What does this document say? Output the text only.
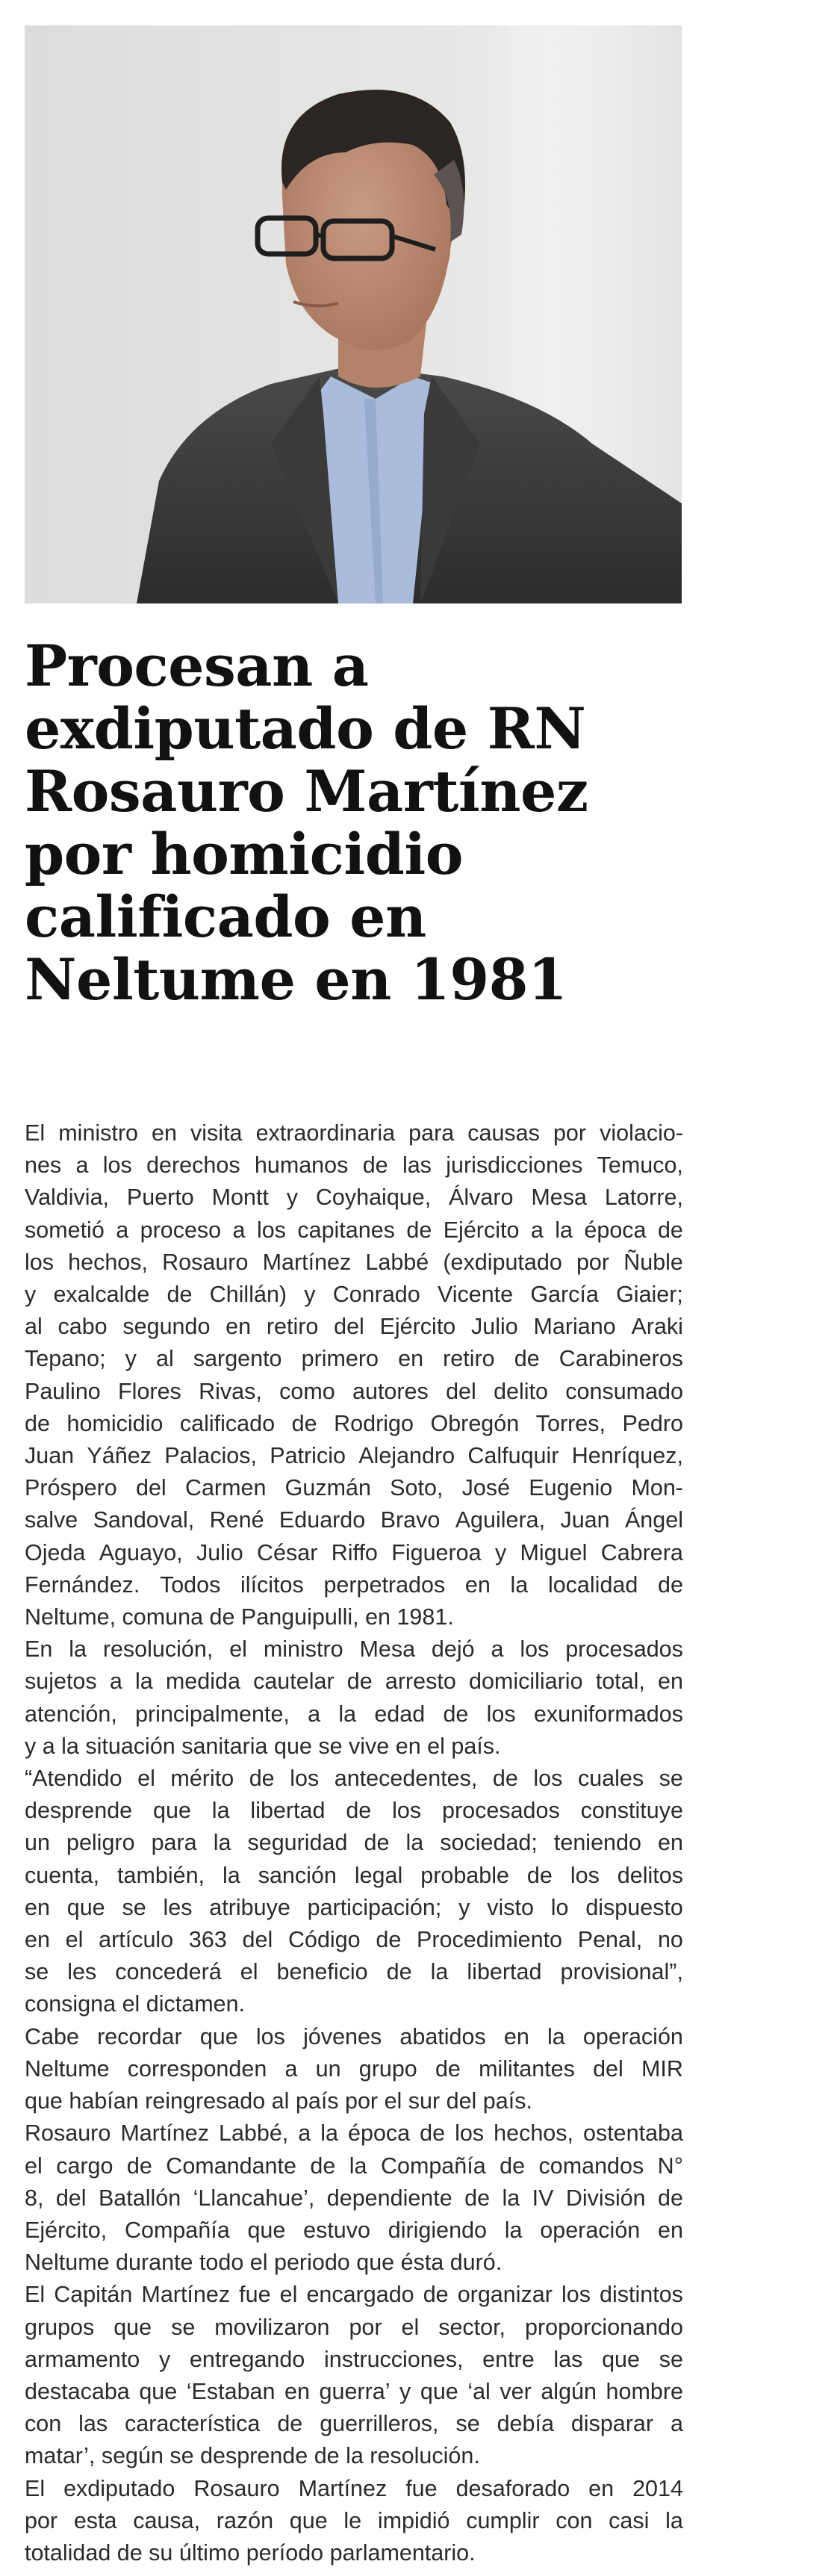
Procesan a
exdiputado de RN
Rosauro Martínez
por homicidio
calificado en
Neltume en 1981
El ministro en visita extraordinaria para causas por violacio-
nes a los derechos humanos de las jurisdicciones Temuco,
Valdivia, Puerto Montt y Coyhaique, Álvaro Mesa Latorre,
sometió a proceso a los capitanes de Ejército a la época de
los hechos, Rosauro Martínez Labbé (exdiputado por Ñuble
y exalcalde de Chillán) y Conrado Vicente García Giaier;
al cabo segundo en retiro del Ejército Julio Mariano Araki
Tepano; y al sargento primero en retiro de Carabineros
Paulino Flores Rivas, como autores del delito consumado
de homicidio calificado de Rodrigo Obregón Torres, Pedro
Juan Yáñez Palacios, Patricio Alejandro Calfuquir Henríquez,
Próspero del Carmen Guzmán Soto, José Eugenio Mon-
salve Sandoval, René Eduardo Bravo Aguilera, Juan Ángel
Ojeda Aguayo, Julio César Riffo Figueroa y Miguel Cabrera
Fernández. Todos ilícitos perpetrados en la localidad de
Neltume, comuna de Panguipulli, en 1981.
En la resolución, el ministro Mesa dejó a los procesados
sujetos a la medida cautelar de arresto domiciliario total, en
atención, principalmente, a la edad de los exuniformados
y a la situación sanitaria que se vive en el país.
“Atendido el mérito de los antecedentes, de los cuales se
desprende que la libertad de los procesados constituye
un peligro para la seguridad de la sociedad; teniendo en
cuenta, también, la sanción legal probable de los delitos
en que se les atribuye participación; y visto lo dispuesto
en el artículo 363 del Código de Procedimiento Penal, no
se les concederá el beneficio de la libertad provisional”,
consigna el dictamen.
Cabe recordar que los jóvenes abatidos en la operación
Neltume corresponden a un grupo de militantes del MIR
que habían reingresado al país por el sur del país.
Rosauro Martínez Labbé, a la época de los hechos, ostentaba
el cargo de Comandante de la Compañía de comandos N°
8, del Batallón ‘Llancahue’, dependiente de la IV División de
Ejército, Compañía que estuvo dirigiendo la operación en
Neltume durante todo el periodo que ésta duró.
El Capitán Martínez fue el encargado de organizar los distintos
grupos que se movilizaron por el sector, proporcionando
armamento y entregando instrucciones, entre las que se
destacaba que ‘Estaban en guerra’ y que ‘al ver algún hombre
con las característica de guerrilleros, se debía disparar a
matar’, según se desprende de la resolución.
El exdiputado Rosauro Martínez fue desaforado en 2014
por esta causa, razón que le impidió cumplir con casi la
totalidad de su último período parlamentario.
